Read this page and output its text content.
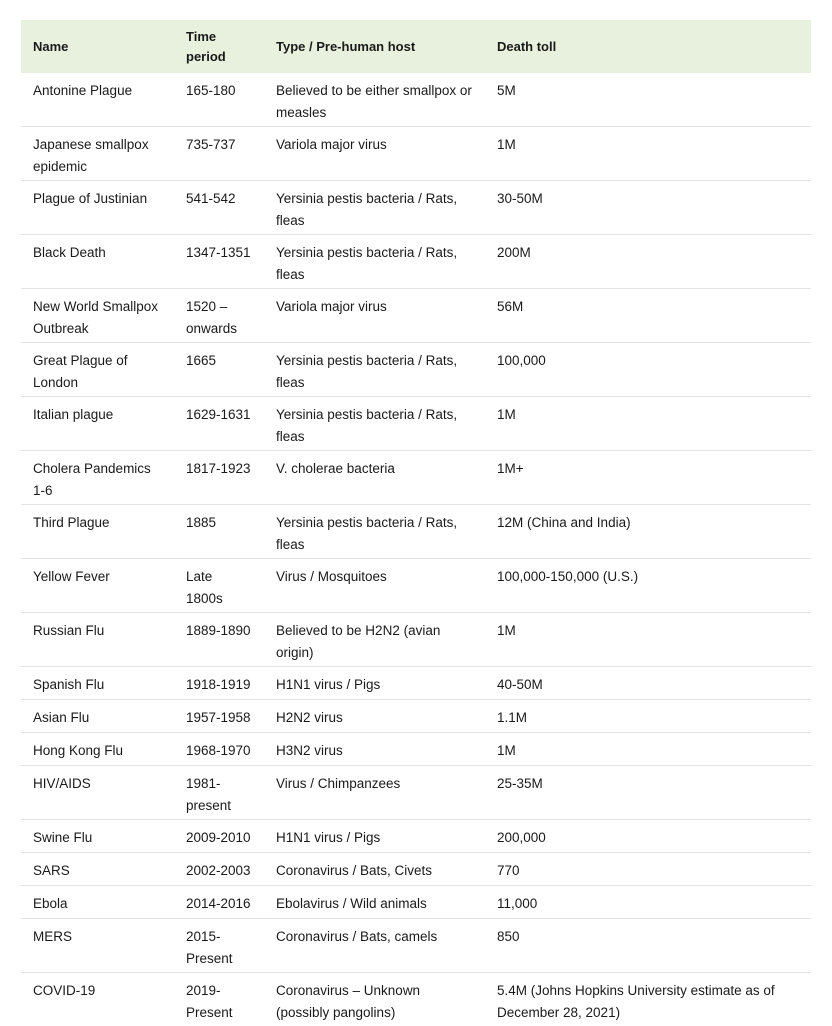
Name	Time period	Type / Pre-human host	Death toll
Antonine Plague	165-180	Believed to be either smallpox or measles	5M
Japanese smallpox epidemic	735-737	Variola major virus	1M
Plague of Justinian	541-542	Yersinia pestis bacteria / Rats, fleas	30-50M
Black Death	1347-1351	Yersinia pestis bacteria / Rats, fleas	200M
New World Smallpox Outbreak	1520 – onwards	Variola major virus	56M
Great Plague of London	1665	Yersinia pestis bacteria / Rats, fleas	100,000
Italian plague	1629-1631	Yersinia pestis bacteria / Rats, fleas	1M
Cholera Pandemics 1-6	1817-1923	V. cholerae bacteria	1M+
Third Plague	1885	Yersinia pestis bacteria / Rats, fleas	12M (China and India)
Yellow Fever	Late 1800s	Virus / Mosquitoes	100,000-150,000 (U.S.)
Russian Flu	1889-1890	Believed to be H2N2 (avian origin)	1M
Spanish Flu	1918-1919	H1N1 virus / Pigs	40-50M
Asian Flu	1957-1958	H2N2 virus	1.1M
Hong Kong Flu	1968-1970	H3N2 virus	1M
HIV/AIDS	1981-present	Virus / Chimpanzees	25-35M
Swine Flu	2009-2010	H1N1 virus / Pigs	200,000
SARS	2002-2003	Coronavirus / Bats, Civets	770
Ebola	2014-2016	Ebolavirus / Wild animals	11,000
MERS	2015-Present	Coronavirus / Bats, camels	850
COVID-19	2019-Present	Coronavirus – Unknown (possibly pangolins)	5.4M (Johns Hopkins University estimate as of December 28, 2021)
